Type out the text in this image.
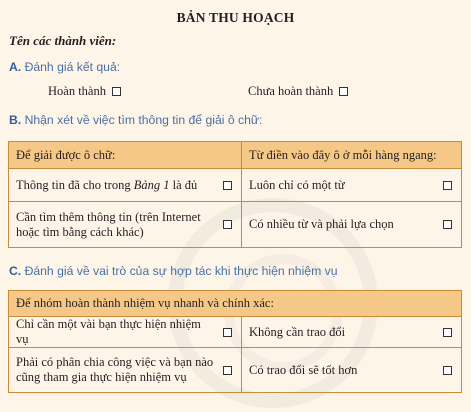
BẢN THU HOẠCH
Tên các thành viên:
A. Đánh giá kết quả:
Hoàn thành	Chưa hoàn thành
B. Nhận xét về việc tìm thông tin để giải ô chữ:
Để giải được ô chữ:	Từ điền vào đây ô ở mỗi hàng ngang:

Thông tin đã cho trong Bảng 1 là đủ	Luôn chỉ có một từ

Cần tìm thêm thông tin (trên Internet hoặc tìm bằng cách khác)	Có nhiều từ và phải lựa chọn
C. Đánh giá về vai trò của sự hợp tác khi thực hiện nhiệm vụ
Để nhóm hoàn thành nhiệm vụ nhanh và chính xác:	

Chỉ cần một vài bạn thực hiện nhiệm vụ	Không cần trao đổi

Phải có phân chia công việc và bạn nào cũng tham gia thực hiện nhiệm vụ	Có trao đổi sẽ tốt hơn
